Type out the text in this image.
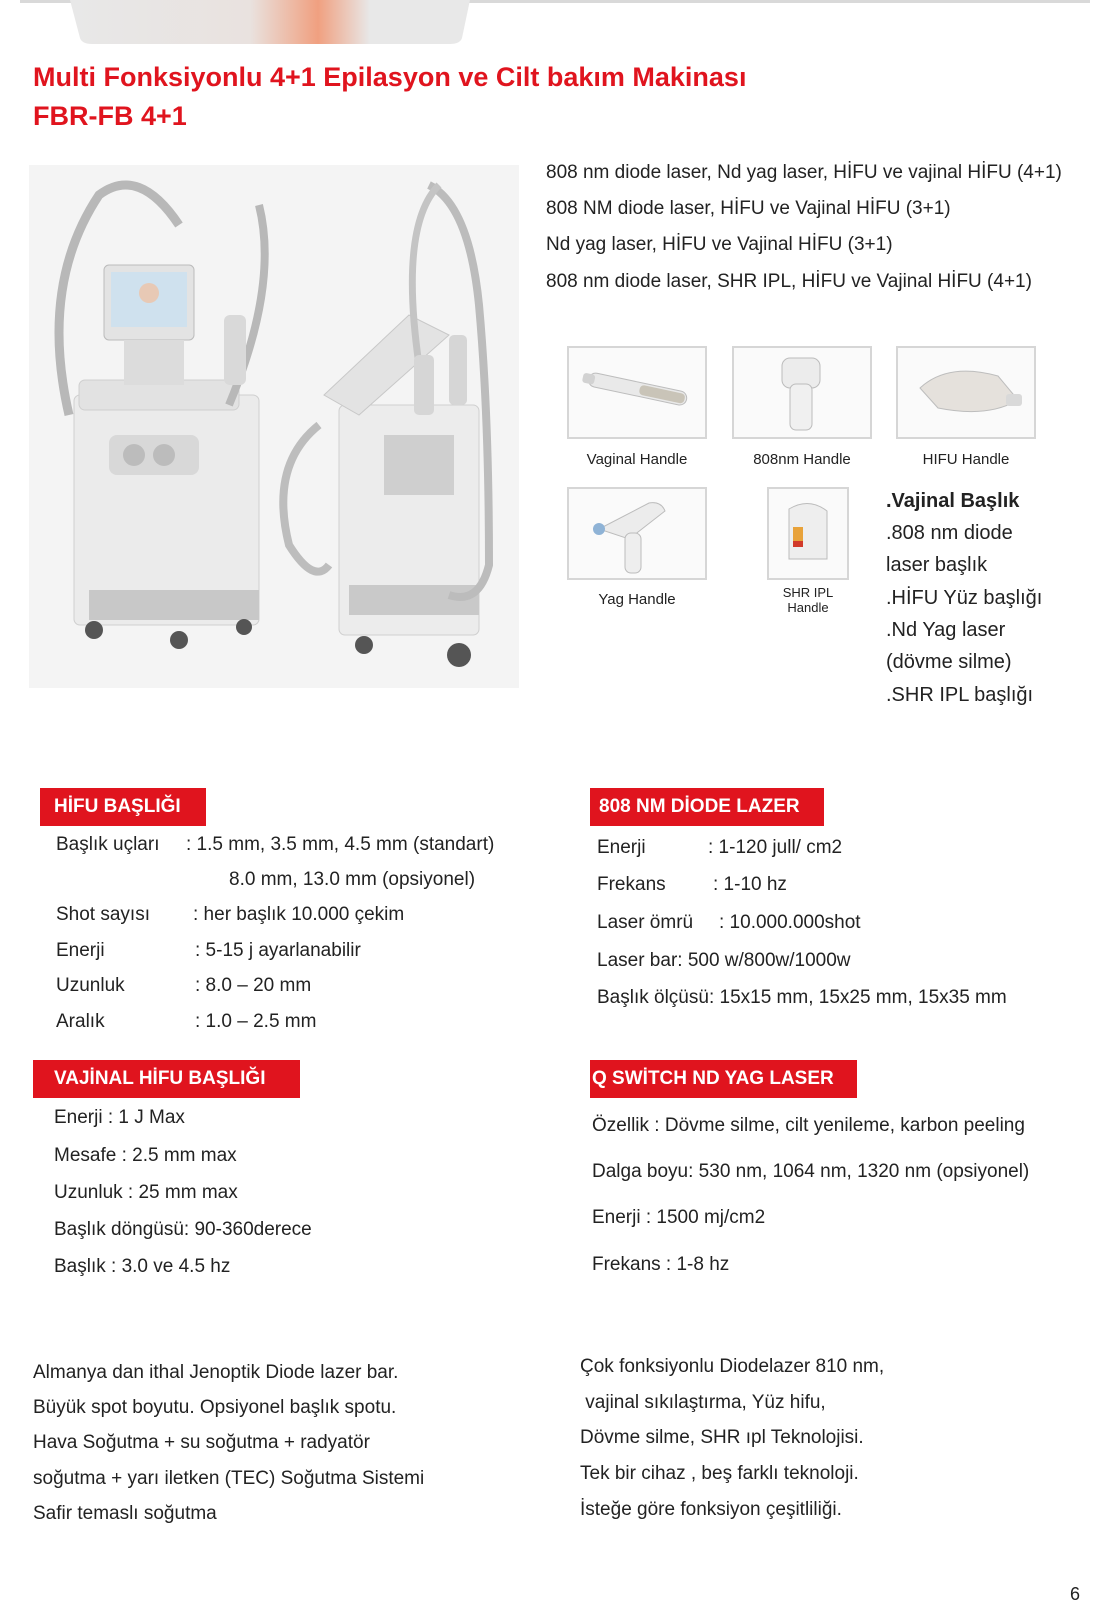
Multi Fonksiyonlu 4+1 Epilasyon ve Cilt bakım Makinası
FBR-FB 4+1
808 nm diode laser, Nd yag laser, HİFU ve vajinal HİFU (4+1)
808 NM diode laser, HİFU ve Vajinal HİFU (3+1)
Nd yag laser, HİFU ve Vajinal HİFU (3+1)
808 nm diode laser, SHR IPL, HİFU ve Vajinal HİFU (4+1)
Vaginal Handle	808nm Handle	HIFU Handle
Yag Handle	SHR IPL
Handle
.Vajinal Başlık
.808 nm diode
laser başlık
.HİFU Yüz başlığı
.Nd Yag laser
(dövme silme)
.SHR IPL başlığı
HİFU BAŞLIĞI
Başlık uçları : 1.5 mm, 3.5 mm, 4.5 mm (standart)
8.0 mm, 13.0 mm (opsiyonel)
Shot sayısı : her başlık 10.000 çekim
Enerji	: 5-15 j ayarlanabilir
Uzunluk	: 8.0 – 20 mm
Aralık	: 1.0 – 2.5 mm
808 NM DİODE LAZER
Enerji	: 1-120 jull/ cm2
Frekans : 1-10 hz
Laser ömrü : 10.000.000shot
Laser bar: 500 w/800w/1000w
Başlık ölçüsü: 15x15 mm, 15x25 mm, 15x35 mm
VAJİNAL HİFU BAŞLIĞI
Enerji : 1 J Max
Mesafe : 2.5 mm max
Uzunluk : 25 mm max
Başlık döngüsü: 90-360derece
Başlık : 3.0 ve 4.5 hz
Q SWİTCH ND YAG LASER
Özellik : Dövme silme, cilt yenileme, karbon peeling
Dalga boyu: 530 nm, 1064 nm, 1320 nm (opsiyonel)
Enerji : 1500 mj/cm2
Frekans : 1-8 hz
Almanya dan ithal Jenoptik Diode lazer bar.
Büyük spot boyutu. Opsiyonel başlık spotu.
Hava Soğutma + su soğutma + radyatör
soğutma + yarı iletken (TEC) Soğutma Sistemi
Safir temaslı soğutma
Çok fonksiyonlu Diodelazer 810 nm,
vajinal sıkılaştırma, Yüz hifu,
Dövme silme, SHR ıpl Teknolojisi.
Tek bir cihaz , beş farklı teknoloji.
İsteğe göre fonksiyon çeşitliliği.
6
